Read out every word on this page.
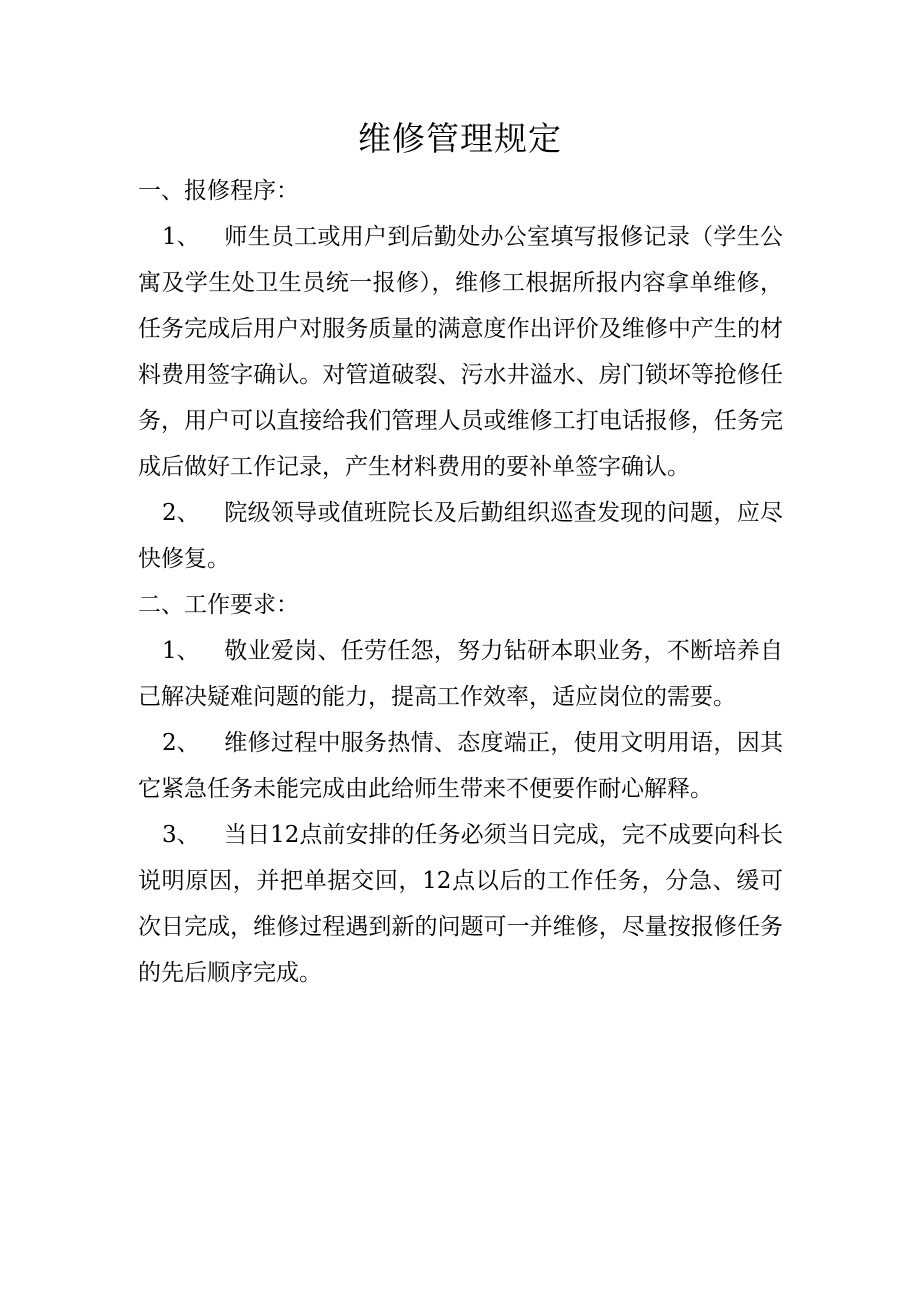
维修管理规定

一、报修程序：

1、 师生员工或用户到后勤处办公室填写报修记录（学生公寓及学生处卫生员统一报修），维修工根据所报内容拿单维修，任务完成后用户对服务质量的满意度作出评价及维修中产生的材料费用签字确认。对管道破裂、污水井溢水、房门锁坏等抢修任务，用户可以直接给我们管理人员或维修工打电话报修，任务完成后做好工作记录，产生材料费用的要补单签字确认。

2、 院级领导或值班院长及后勤组织巡查发现的问题，应尽快修复。

二、工作要求：

1、 敬业爱岗、任劳任怨，努力钻研本职业务，不断培养自己解决疑难问题的能力，提高工作效率，适应岗位的需要。

2、 维修过程中服务热情、态度端正，使用文明用语，因其它紧急任务未能完成由此给师生带来不便要作耐心解释。

3、 当日12点前安排的任务必须当日完成，完不成要向科长说明原因，并把单据交回，12点以后的工作任务，分急、缓可次日完成，维修过程遇到新的问题可一并维修，尽量按报修任务的先后顺序完成。
